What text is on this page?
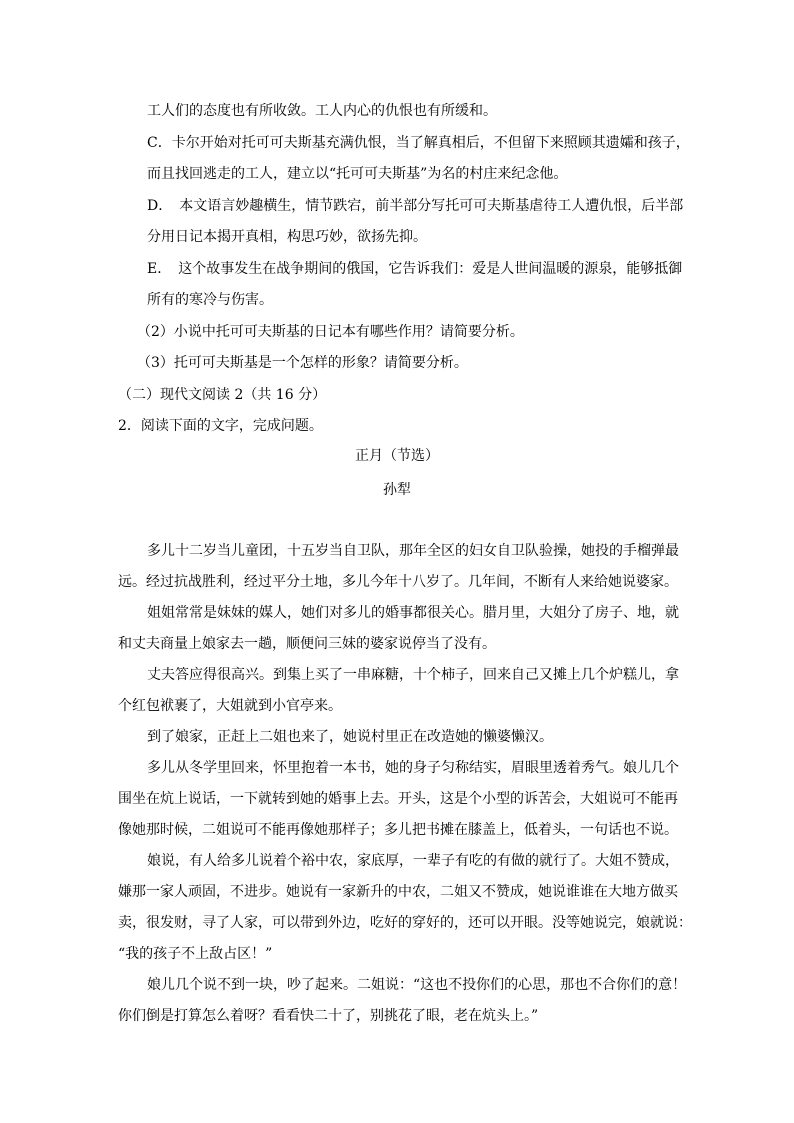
工人们的态度也有所收敛。工人内心的仇恨也有所缓和。
C．卡尔开始对托可可夫斯基充满仇恨，当了解真相后，不但留下来照顾其遗孀和孩子，
而且找回逃走的工人，建立以“托可可夫斯基”为名的村庄来纪念他。
D．　本文语言妙趣横生，情节跌宕，前半部分写托可可夫斯基虐待工人遭仇恨，后半部
分用日记本揭开真相，构思巧妙，欲扬先抑。
E．　这个故事发生在战争期间的俄国，它告诉我们：爱是人世间温暖的源泉，能够抵御
所有的寒冷与伤害。
（2）小说中托可可夫斯基的日记本有哪些作用？请简要分析。
（3）托可可夫斯基是一个怎样的形象？请简要分析。
（二）现代文阅读 2（共 16 分）
2．阅读下面的文字，完成问题。
正月（节选）
孙犁
多儿十二岁当儿童团，十五岁当自卫队，那年全区的妇女自卫队验操，她投的手榴弹最
远。经过抗战胜利，经过平分土地，多儿今年十八岁了。几年间，不断有人来给她说婆家。
姐姐常常是妹妹的媒人，她们对多儿的婚事都很关心。腊月里，大姐分了房子、地，就
和丈夫商量上娘家去一趟，顺便问三妹的婆家说停当了没有。
丈夫答应得很高兴。到集上买了一串麻糖，十个柿子，回来自己又摊上几个炉糕儿，拿
个红包袱裹了，大姐就到小官亭来。
到了娘家，正赶上二姐也来了，她说村里正在改造她的懒婆懒汉。
多儿从冬学里回来，怀里抱着一本书，她的身子匀称结实，眉眼里透着秀气。娘儿几个
围坐在炕上说话，一下就转到她的婚事上去。开头，这是个小型的诉苦会，大姐说可不能再
像她那时候，二姐说可不能再像她那样子；多儿把书摊在膝盖上，低着头，一句话也不说。
娘说，有人给多儿说着个裕中农，家底厚，一辈子有吃的有做的就行了。大姐不赞成，
嫌那一家人顽固，不进步。她说有一家新升的中农，二姐又不赞成，她说谁谁在大地方做买
卖，很发财，寻了人家，可以带到外边，吃好的穿好的，还可以开眼。没等她说完，娘就说：
“我的孩子不上敌占区！”
娘儿几个说不到一块，吵了起来。二姐说：“这也不投你们的心思，那也不合你们的意！
你们倒是打算怎么着呀？看看快二十了，别挑花了眼，老在炕头上。”
